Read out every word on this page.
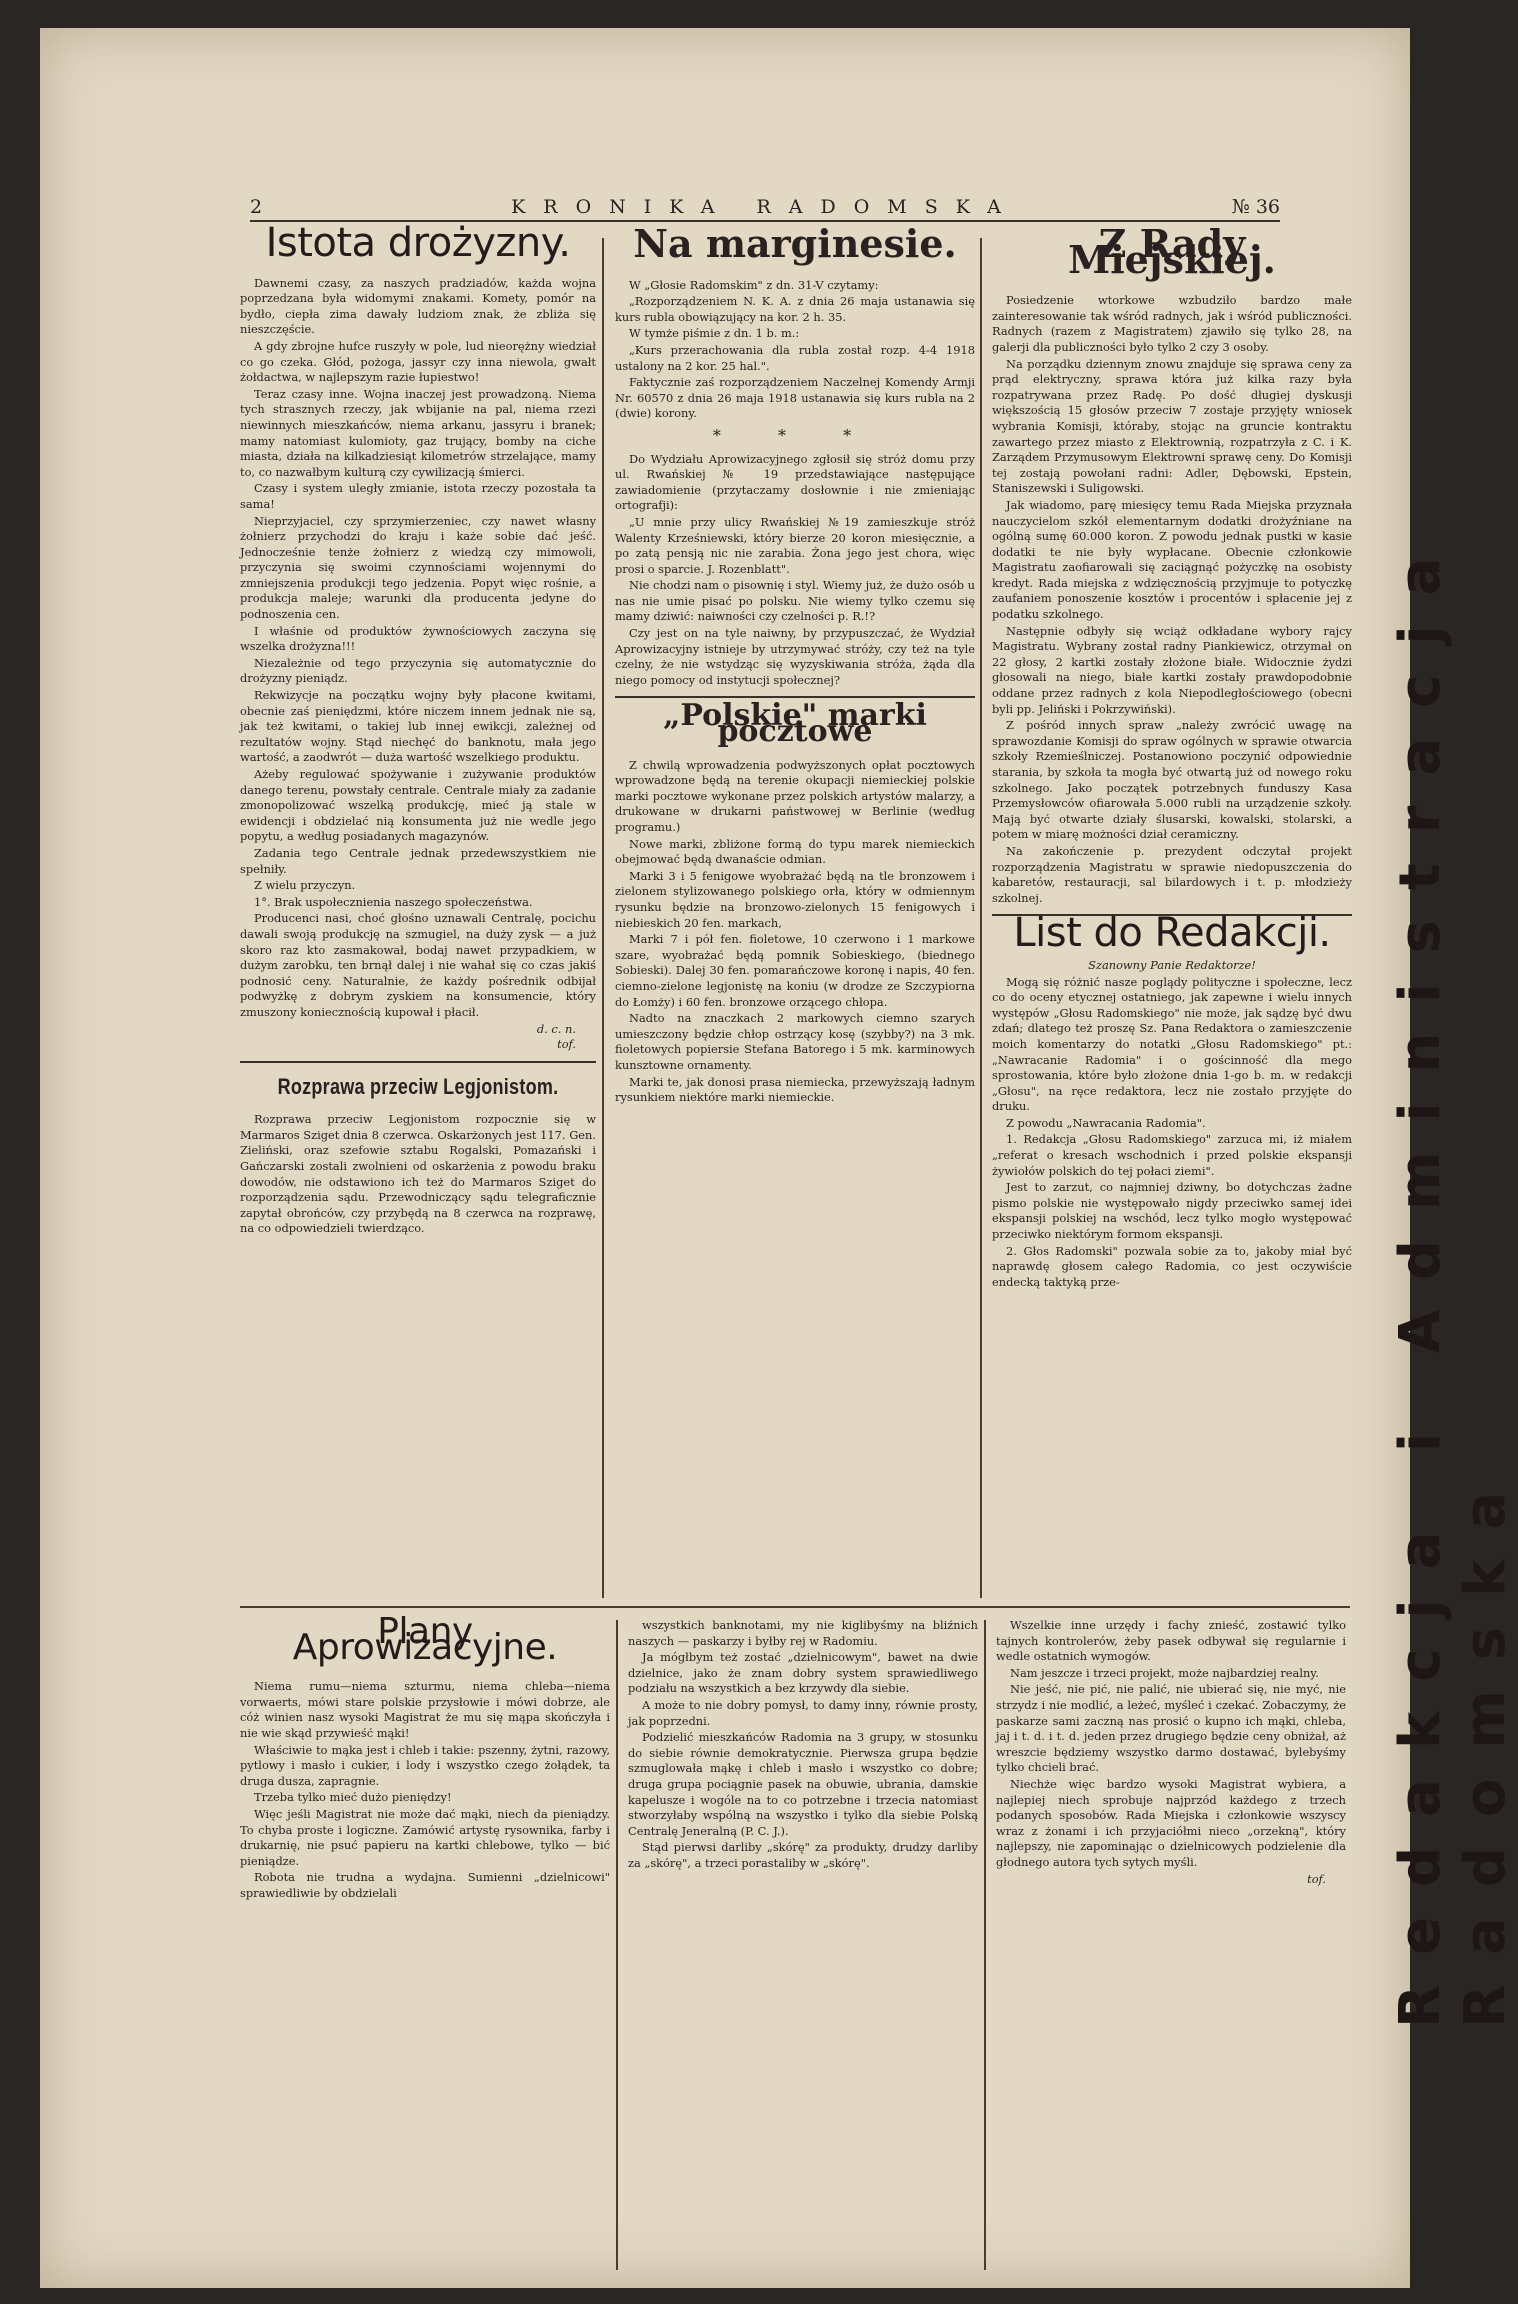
2	KRONIKA RADOMSKA	№ 36
Istota drożyzny.

Dawnemi czasy, za naszych pradziadów, każda wojna poprzedzana była widomymi znakami. Komety, pomór na bydło, ciepła zima dawały ludziom znak, że zbliża się nieszczęście.

A gdy zbrojne hufce ruszyły w pole, lud nieorężny wiedział co go czeka. Głód, pożoga, jassyr czy inna niewola, gwałt żołdactwa, w najlepszym razie łupiestwo!

Teraz czasy inne. Wojna inaczej jest prowadzoną. Niema tych strasznych rzeczy, jak wbijanie na pal, niema rzezi niewinnych mieszkańców, niema arkanu, jassyru i branek; mamy natomiast kulomioty, gaz trujący, bomby na ciche miasta, działa na kilkadziesiąt kilometrów strzelające, mamy to, co nazwałbym kulturą czy cywilizacją śmierci.

Czasy i system uległy zmianie, istota rzeczy pozostała ta sama!

Nieprzyjaciel, czy sprzymierzeniec, czy nawet własny żołnierz przychodzi do kraju i każe sobie dać jeść. Jednocześnie tenże żołnierz z wiedzą czy mimowoli, przyczynia się swoimi czynnościami wojennymi do zmniejszenia produkcji tego jedzenia. Popyt więc rośnie, a produkcja maleje; warunki dla producenta jedyne do podnoszenia cen.

I właśnie od produktów żywnościowych zaczyna się wszelka drożyzna!!!

Niezależnie od tego przyczynia się automatycznie do drożyzny pieniądz.

Rekwizycje na początku wojny były płacone kwitami, obecnie zaś pieniędzmi, które niczem innem jednak nie są, jak też kwitami, o takiej lub innej ewikcji, zależnej od rezultatów wojny. Stąd niechęć do banknotu, mała jego wartość, a zaodwrót — duża wartość wszelkiego produktu.

Ażeby regulować spożywanie i zużywanie produktów danego terenu, powstały centrale. Centrale miały za zadanie zmonopolizować wszelką produkcję, mieć ją stale w ewidencji i obdzielać nią konsumenta już nie wedle jego popytu, a według posiadanych magazynów.

Zadania tego Centrale jednak przedewszystkiem nie spełniły.

Z wielu przyczyn.

1°. Brak uspołecznienia naszego społeczeństwa.

Producenci nasi, choć głośno uznawali Centralę, pocichu dawali swoją produkcję na szmugiel, na duży zysk — a już skoro raz kto zasmakował, bodaj nawet przypadkiem, w dużym zarobku, ten brnął dalej i nie wahał się co czas jakiś podnosić ceny. Naturalnie, że każdy pośrednik odbijał podwyżkę z dobrym zyskiem na konsumencie, który zmuszony koniecznością kupował i płacił.

d. c. n.
tof.
Rozprawa przeciw Legjonistom.

Rozprawa przeciw Legjonistom rozpocznie się w Marmaros Sziget dnia 8 czerwca. Oskarżonych jest 117. Gen. Zieliński, oraz szefowie sztabu Rogalski, Pomazański i Gańczarski zostali zwolnieni od oskarżenia z powodu braku dowodów, nie odstawiono ich też do Marmaros Sziget do rozporządzenia sądu. Przewodniczący sądu telegraficznie zapytał obrońców, czy przybędą na 8 czerwca na rozprawę, na co odpowiedzieli twierdząco.

Na marginesie.

W „Głosie Radomskim" z dn. 31-V czytamy:

„Rozporządzeniem N. K. A. z dnia 26 maja ustanawia się kurs rubla obowiązujący na kor. 2 h. 35.

W tymże piśmie z dn. 1 b. m.:

„Kurs przerachowania dla rubla został rozp. 4-4 1918 ustalony na 2 kor. 25 hal.".

Faktycznie zaś rozporządzeniem Naczelnej Komendy Armji Nr. 60570 z dnia 26 maja 1918 ustanawia się kurs rubla na 2 (dwie) korony.

* * *

Do Wydziału Aprowizacyjnego zgłosił się stróż domu przy ul. Rwańskiej № 19 przedstawiające następujące zawiadomienie (przytaczamy dosłownie i nie zmieniając ortografji):

„U mnie przy ulicy Rwańskiej №19 zamieszkuje stróż Walenty Krześniewski, który bierze 20 koron miesięcznie, a po zatą pensją nic nie zarabia. Żona jego jest chora, więc prosi o sparcie. J. Rozenblatt".

Nie chodzi nam o pisownię i styl. Wiemy już, że dużo osób u nas nie umie pisać po polsku. Nie wiemy tylko czemu się mamy dziwić: naiwności czy czelności p. R.!?

Czy jest on na tyle naiwny, by przypuszczać, że Wydział Aprowizacyjny istnieje by utrzymywać stróży, czy też na tyle czelny, że nie wstydząc się wyzyskiwania stróża, żąda dla niego pomocy od instytucji społecznej?

„Polskie" marki pocztowe

Z chwilą wprowadzenia podwyższonych opłat pocztowych wprowadzone będą na terenie okupacji niemieckiej polskie marki pocztowe wykonane przez polskich artystów malarzy, a drukowane w drukarni państwowej w Berlinie (według programu.)

Nowe marki, zbliżone formą do typu marek niemieckich obejmować będą dwanaście odmian.

Marki 3 i 5 fenigowe wyobrażać będą na tle bronzowem i zielonem stylizowanego polskiego orła, który w odmiennym rysunku będzie na bronzowo-zielonych 15 fenigowych i niebieskich 20 fen. markach,

Marki 7 i pół fen. fioletowe, 10 czerwono i 1 markowe szare, wyobrażać będą pomnik Sobieskiego, (biednego Sobieski). Dalej 30 fen. pomarańczowe koronę i napis, 40 fen. ciemno-zielone legjonistę na koniu (w drodze ze Szczypiorna do Łomży) i 60 fen. bronzowe orzącego chłopa.

Nadto na znaczkach 2 markowych ciemno szarych umieszczony będzie chłop ostrzący kosę (szybby?) na 3 mk. fioletowych popiersie Stefana Batorego i 5 mk. karminowych kunsztowne ornamenty.

Marki te, jak donosi prasa niemiecka, przewyższają ładnym rysunkiem niektóre marki niemieckie.

Z Rady Miejskiej.

Posiedzenie wtorkowe wzbudziło bardzo małe zainteresowanie tak wśród radnych, jak i wśród publiczności. Radnych (razem z Magistratem) zjawiło się tylko 28, na galerji dla publiczności było tylko 2 czy 3 osoby.

Na porządku dziennym znowu znajduje się sprawa ceny za prąd elektryczny, sprawa która już kilka razy była rozpatrywana przez Radę. Po dość długiej dyskusji większością 15 głosów przeciw 7 zostaje przyjęty wniosek wybrania Komisji, któraby, stojąc na gruncie kontraktu zawartego przez miasto z Elektrownią, rozpatrzyła z C. i K. Zarządem Przymusowym Elektrowni sprawę ceny. Do Komisji tej zostają powołani radni: Adler, Dębowski, Epstein, Staniszewski i Suligowski.

Jak wiadomo, parę miesięcy temu Rada Miejska przyznała nauczycielom szkół elementarnym dodatki drożyźniane na ogólną sumę 60.000 koron. Z powodu jednak pustki w kasie dodatki te nie były wypłacane. Obecnie członkowie Magistratu zaofiarowali się zaciągnąć pożyczkę na osobisty kredyt. Rada miejska z wdzięcznością przyjmuje to potyczkę zaufaniem ponoszenie kosztów i procentów i spłacenie jej z podatku szkolnego.

Następnie odbyły się wciąż odkładane wybory rajcy Magistratu. Wybrany został radny Piankiewicz, otrzymał on 22 głosy, 2 kartki zostały złożone białe. Widocznie żydzi głosowali na niego, białe kartki zostały prawdopodobnie oddane przez radnych z kola Niepodległościowego (obecni byli pp. Jeliński i Pokrzywiński).

Z pośród innych spraw „należy zwrócić uwagę na sprawozdanie Komisji do spraw ogólnych w sprawie otwarcia szkoły Rzemieślniczej. Postanowiono poczynić odpowiednie starania, by szkoła ta mogła być otwartą już od nowego roku szkolnego. Jako początek potrzebnych funduszy Kasa Przemysłowców ofiarowała 5.000 rubli na urządzenie szkoły. Mają być otwarte działy ślusarski, kowalski, stolarski, a potem w miarę możności dział ceramiczny.

Na zakończenie p. prezydent odczytał projekt rozporządzenia Magistratu w sprawie niedopuszczenia do kabaretów, restauracji, sal bilardowych i t. p. młodzieży szkolnej.

List do Redakcji.

Szanowny Panie Redaktorze!

Mogą się różnić nasze poglądy polityczne i społeczne, lecz co do oceny etycznej ostatniego, jak zapewne i wielu innych występów „Głosu Radomskiego" nie może, jak sądzę być dwu zdań; dlatego też proszę Sz. Pana Redaktora o zamieszczenie moich komentarzy do notatki „Głosu Radomskiego" pt.: „Nawracanie Radomia" i o gościnność dla mego sprostowania, które było złożone dnia 1-go b. m. w redakcji „Głosu", na ręce redaktora, lecz nie zostało przyjęte do druku.

Z powodu „Nawracania Radomia".

1. Redakcja „Głosu Radomskiego" zarzuca mi, iż miałem „referat o kresach wschodnich i przed polskie ekspansji żywiołów polskich do tej połaci ziemi".

Jest to zarzut, co najmniej dziwny, bo dotychczas żadne pismo polskie nie występowało nigdy przeciwko samej idei ekspansji polskiej na wschód, lecz tylko mogło występować przeciwko niektórym formom ekspansji.

2. Głos Radomski" pozwala sobie za to, jakoby miał być naprawdę głosem całego Radomia, co jest oczywiście endecką taktyką prze-

Plany Aprowizacyjne.

Niema rumu—niema szturmu, niema chleba—niema vorwaerts, mówi stare polskie przysłowie i mówi dobrze, ale cóż winien nasz wysoki Magistrat że mu się mąpa skończyła i nie wie skąd przywieść mąki!

Właściwie to mąka jest i chleb i takie: pszenny, żytni, razowy, pytlowy i masło i cukier, i lody i wszystko czego żołądek, ta druga dusza, zapragnie.

Trzeba tylko mieć dużo pieniędzy!

Więc jeśli Magistrat nie może dać mąki, niech da pieniądzy. To chyba proste i logiczne. Zamówić artystę rysownika, farby i drukarnię, nie psuć papieru na kartki chlebowe, tylko — bić pieniądze.

Robota nie trudna a wydajna. Sumienni „dzielnicowi" sprawiedliwie by obdzielali

wszystkich banknotami, my nie kiglibyśmy na bliźnich naszych — paskarzy i byłby rej w Radomiu.

Ja mógłbym też zostać „dzielnicowym", bawet na dwie dzielnice, jako że znam dobry system sprawiedliwego podziału na wszystkich a bez krzywdy dla siebie.

A może to nie dobry pomysł, to damy inny, równie prosty, jak poprzedni.

Podzielić mieszkańców Radomia na 3 grupy, w stosunku do siebie równie demokratycznie. Pierwsza grupa będzie szmuglowała mąkę i chleb i masło i wszystko co dobre; druga grupa pociągnie pasek na obuwie, ubrania, damskie kapelusze i wogóle na to co potrzebne i trzecia natomiast stworzyłaby wspólną na wszystko i tylko dla siebie Polską Centralę Jeneralną (P. C. J.).

Stąd pierwsi darliby „skórę" za produkty, drudzy darliby za „skórę", a trzeci porastaliby w „skórę".

Wszelkie inne urzędy i fachy znieść, zostawić tylko tajnych kontrolerów, żeby pasek odbywał się regularnie i wedle ostatnich wymogów.

Nam jeszcze i trzeci projekt, może najbardziej realny.

Nie jeść, nie pić, nie palić, nie ubierać się, nie myć, nie strzydz i nie modlić, a leżeć, myśleć i czekać. Zobaczymy, że paskarze sami zaczną nas prosić o kupno ich mąki, chleba, jaj i t. d. i t. d. jeden przez drugiego będzie ceny obniżał, aż wreszcie będziemy wszystko darmo dostawać, bylebyśmy tylko chcieli brać.

Niechże więc bardzo wysoki Magistrat wybiera, a najlepiej niech sprobuje najprzód każdego z trzech podanych sposobów. Rada Miejska i członkowie wszyscy wraz z żonami i ich przyjaciółmi nieco „orzekną", który najlepszy, nie zapominając o dzielnicowych podzielenie dla głodnego autora tych sytych myśli.

tof.	Redakcja i Administracja Radomska
